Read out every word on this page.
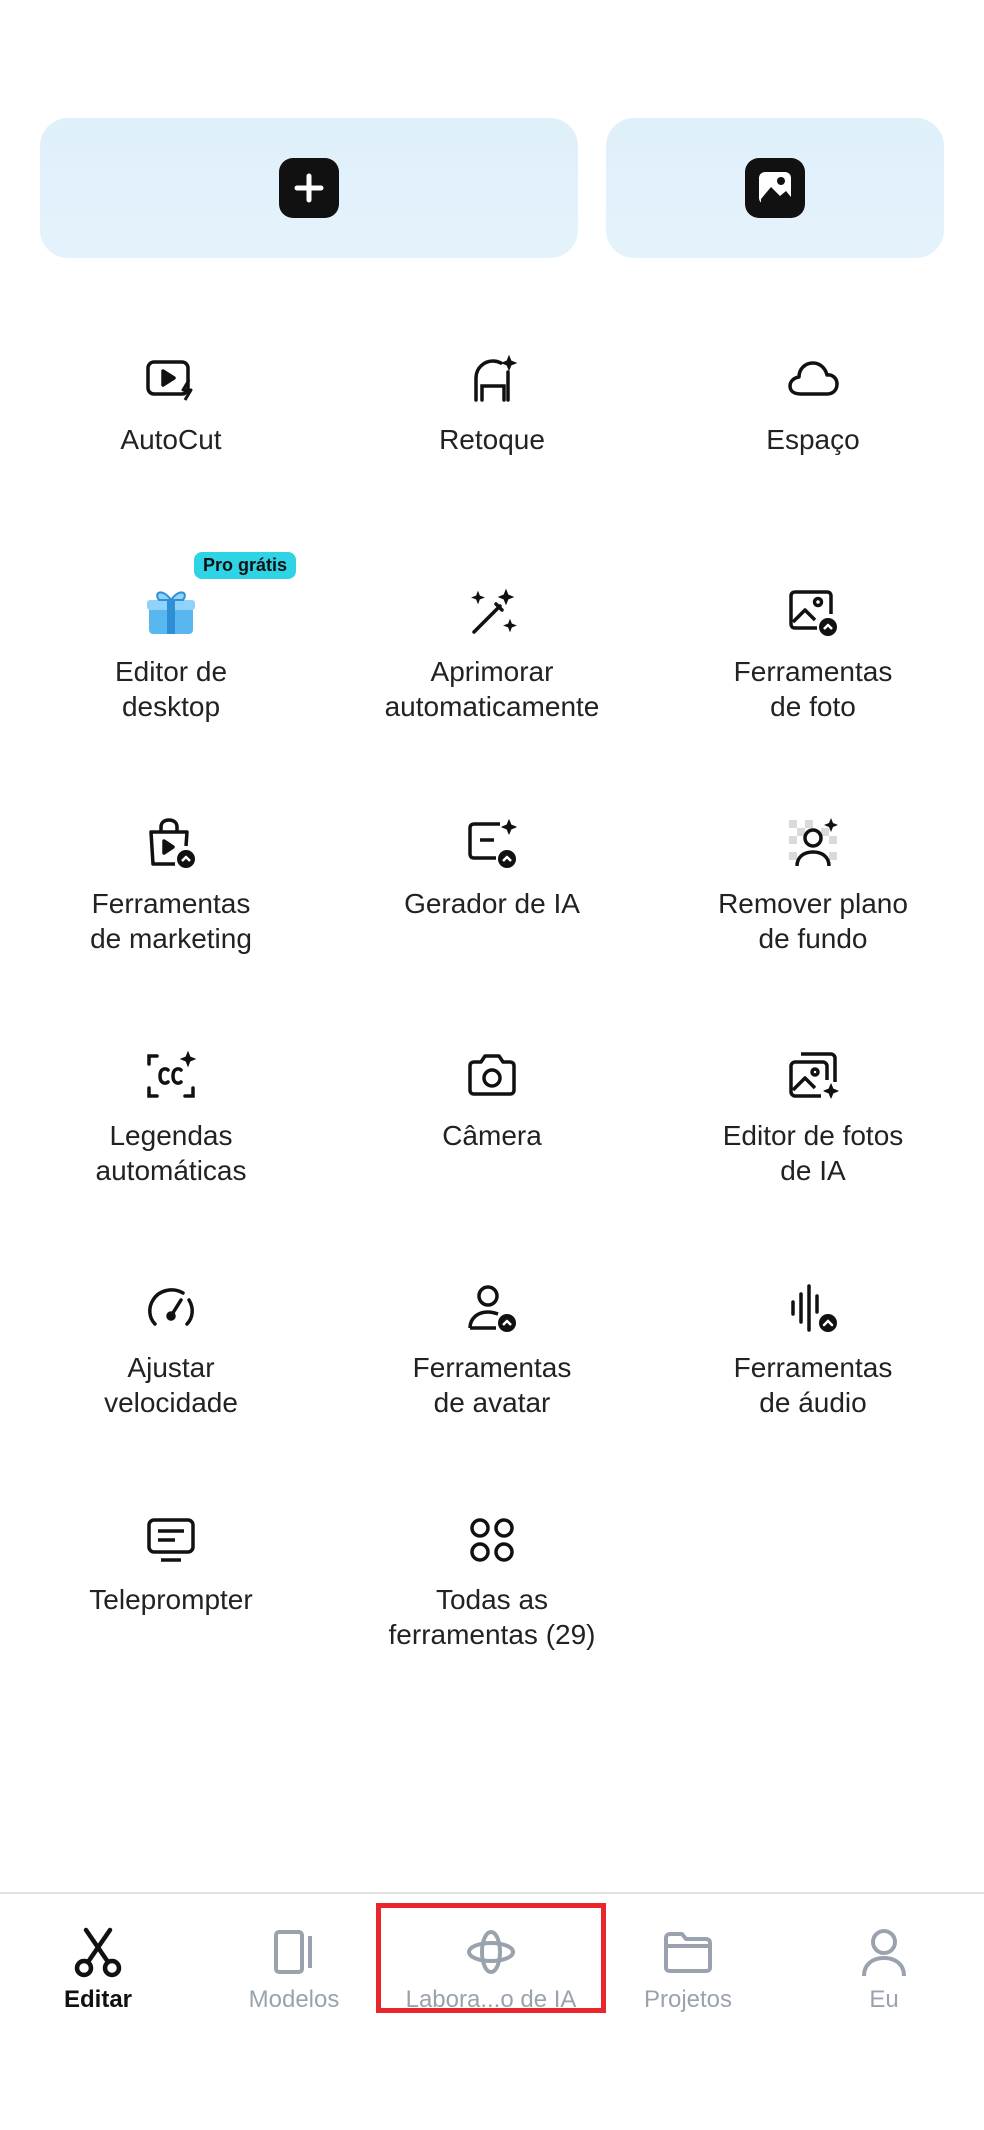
AutoCut	Retoque	Espaço
Editor de
desktop
Aprimorar
automaticamente
Ferramentas
de foto
Ferramentas
de marketing
Gerador de IA	Remover plano
de fundo
Legendas
automáticas
Câmera	Editor de fotos
de IA
Ajustar
velocidade
Ferramentas
de avatar
Ferramentas
de áudio
Teleprompter	Todas as
ferramentas (29)
Pro grátis
Editar	Modelos	Labora...o de IA	Projetos	Eu
